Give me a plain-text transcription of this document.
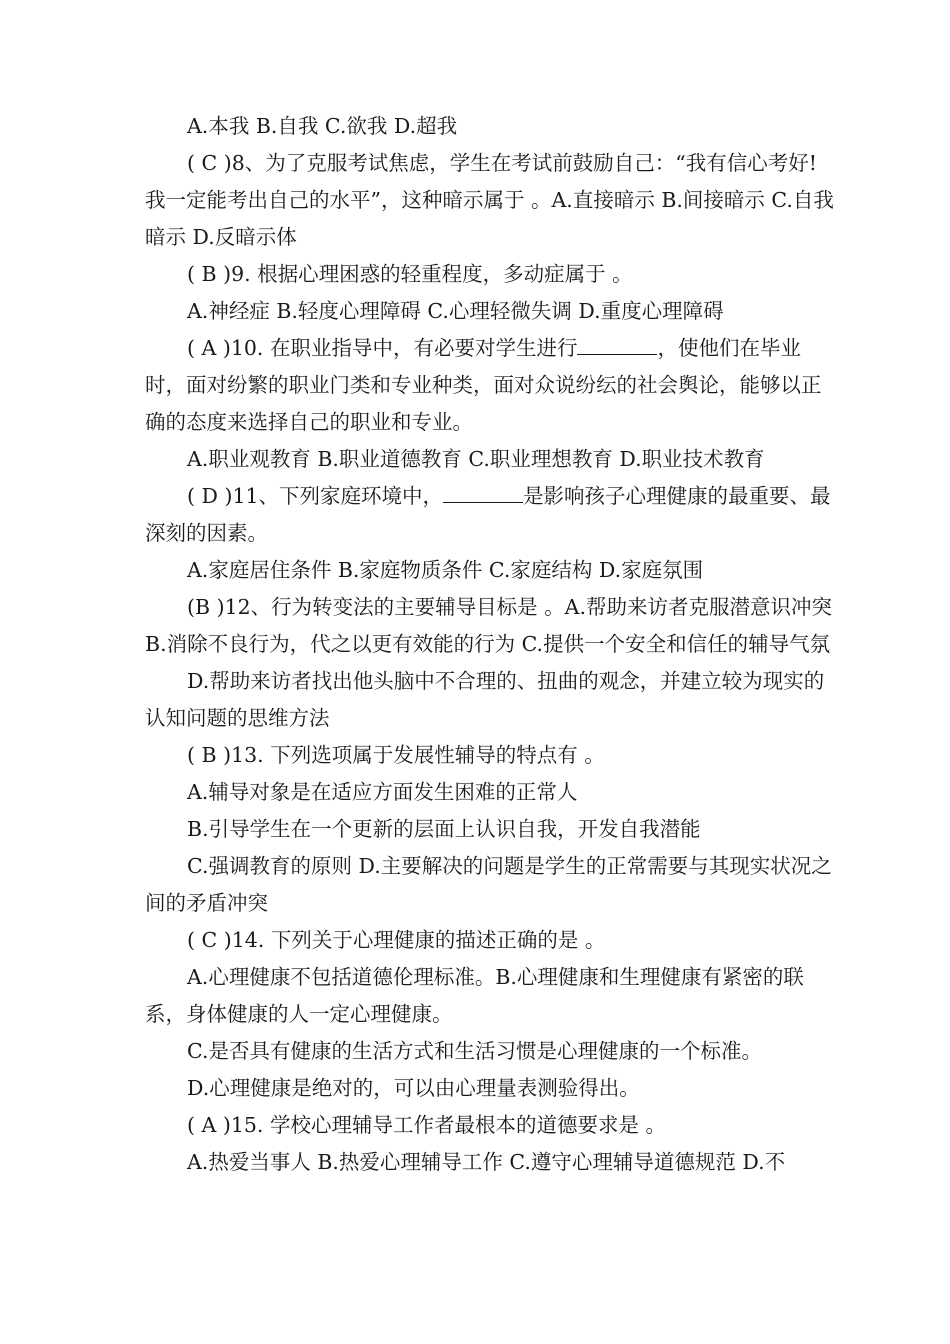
A.本我 B.自我 C.欲我 D.超我

( C )8、为了克服考试焦虑，学生在考试前鼓励自己：“我有信心考好!我一定能考出自己的水平”，这种暗示属于 。A.直接暗示 B.间接暗示 C.自我暗示 D.反暗示体

( B )9. 根据心理困惑的轻重程度，多动症属于 。

A.神经症 B.轻度心理障碍 C.心理轻微失调 D.重度心理障碍

( A )10. 在职业指导中，有必要对学生进行	，使他们在毕业时，面对纷繁的职业门类和专业种类，面对众说纷纭的社会舆论，能够以正确的态度来选择自己的职业和专业。

A.职业观教育 B.职业道德教育 C.职业理想教育 D.职业技术教育

( D )11、下列家庭环境中，	是影响孩子心理健康的最重要、最深刻的因素。

A.家庭居住条件 B.家庭物质条件 C.家庭结构 D.家庭氛围

(B )12、行为转变法的主要辅导目标是 。A.帮助来访者克服潜意识冲突 B.消除不良行为，代之以更有效能的行为 C.提供一个安全和信任的辅导气氛

D.帮助来访者找出他头脑中不合理的、扭曲的观念，并建立较为现实的认知问题的思维方法

( B )13. 下列选项属于发展性辅导的特点有 。

A.辅导对象是在适应方面发生困难的正常人

B.引导学生在一个更新的层面上认识自我，开发自我潜能

C.强调教育的原则 D.主要解决的问题是学生的正常需要与其现实状况之间的矛盾冲突

( C )14. 下列关于心理健康的描述正确的是 。

A.心理健康不包括道德伦理标准。B.心理健康和生理健康有紧密的联系，身体健康的人一定心理健康。

C.是否具有健康的生活方式和生活习惯是心理健康的一个标准。

D.心理健康是绝对的，可以由心理量表测验得出。

( A )15. 学校心理辅导工作者最根本的道德要求是 。

A.热爱当事人 B.热爱心理辅导工作 C.遵守心理辅导道德规范 D.不
